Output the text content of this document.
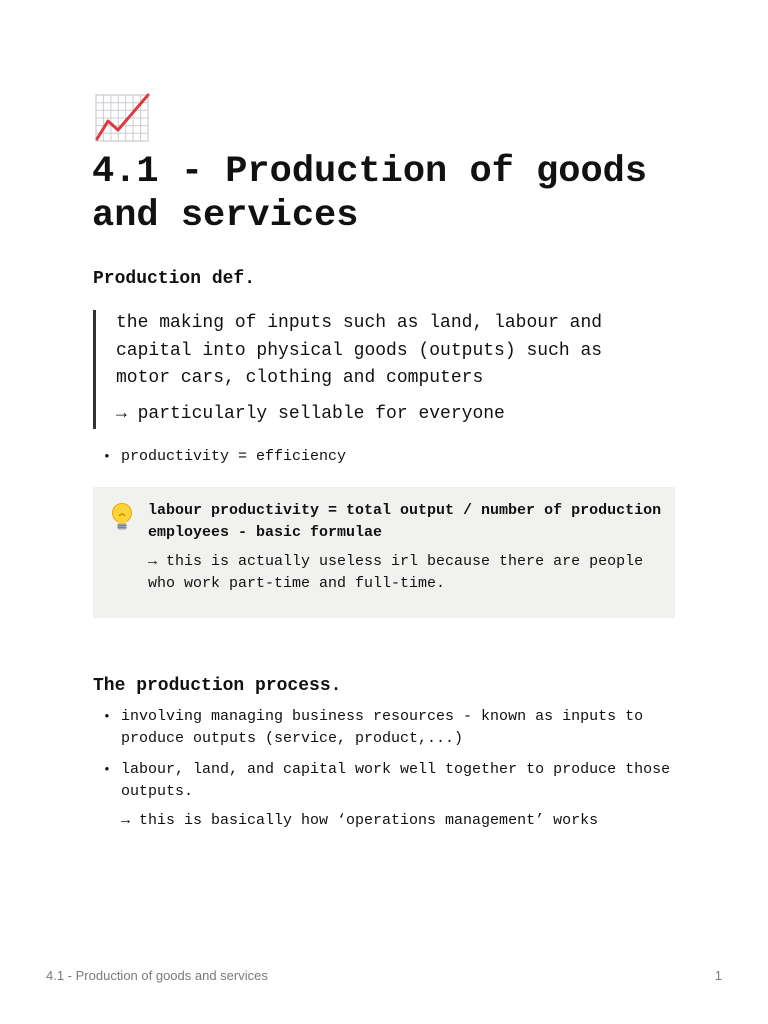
4.1 - Production of goods and services
Production def.

the making of inputs such as land, labour and capital into physical goods (outputs) such as motor cars, clothing and computers

→ particularly sellable for everyone

• productivity = efficiency

labour productivity = total output / number of production employees - basic formulae

→ this is actually useless irl because there are people who work part-time and full-time.

The production process.
• involving managing business resources - known as inputs to produce outputs (service, product,...)
• labour, land, and capital work well together to produce those outputs.

→ this is basically how ‘operations management’ works

4.1 - Production of goods and services	1
